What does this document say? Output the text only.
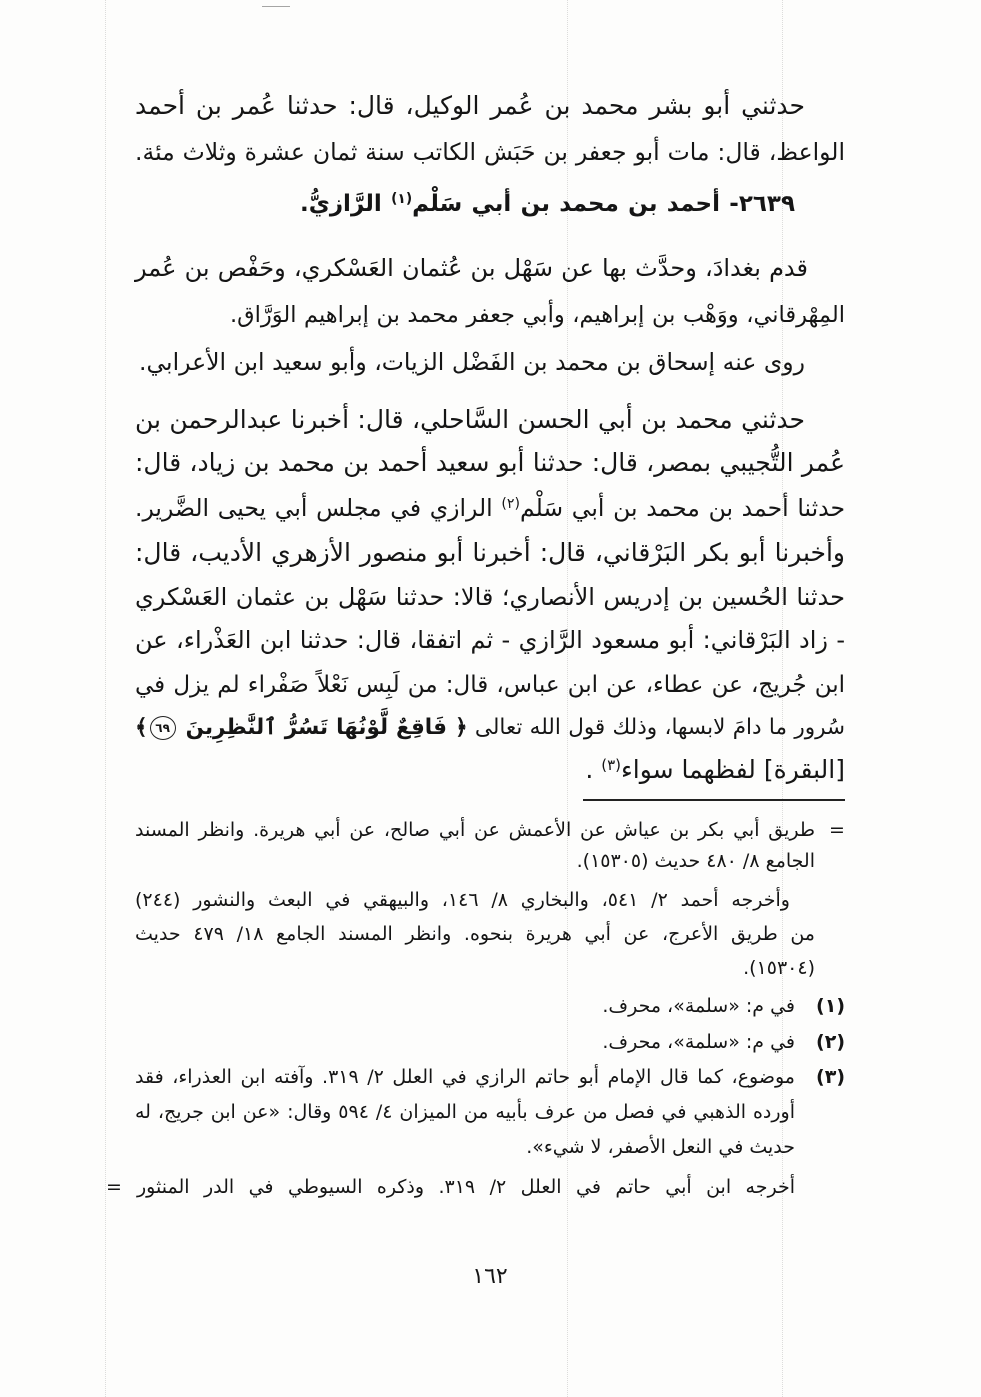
حدثني أبو بشر محمد بن عُمر الوكيل، قال: حدثنا عُمر بن أحمد
الواعظ، قال: مات أبو جعفر بن حَبَش الكاتب سنة ثمان عشرة وثلاث مئة.
٢٦٣٩- أحمد بن محمد بن أبي سَلْم$^{(١)}$ الرَّازيُّ.
قدم بغدادَ، وحدَّث بها عن سَهْل بن عُثمان العَسْكري، وحَفْص بن عُمر
المِهْرقاني، ووَهْب بن إبراهيم، وأبي جعفر محمد بن إبراهيم الوَرَّاق.
روى عنه إسحاق بن محمد بن الفَضْل الزيات، وأبو سعيد ابن الأعرابي.
حدثني محمد بن أبي الحسن السَّاحلي، قال: أخبرنا عبدالرحمن بن
عُمر التُّجيبي بمصر، قال: حدثنا أبو سعيد أحمد بن محمد بن زياد، قال:
حدثنا أحمد بن محمد بن أبي سَلْم$^{(٢)}$ الرازي في مجلس أبي يحيى الضَّرير.
وأخبرنا أبو بكر البَرْقاني، قال: أخبرنا أبو منصور الأزهري الأديب، قال:
حدثنا الحُسين بن إدريس الأنصاري؛ قالا: حدثنا سَهْل بن عثمان العَسْكري
- زاد البَرْقاني: أبو مسعود الرَّازي - ثم اتفقا، قال: حدثنا ابن العَذْراء، عن
ابن جُريج، عن عطاء، عن ابن عباس، قال: من لَبِس نَعْلاً صَفْراء لم يزل في
سُرور ما دامَ لابسها، وذلك قول الله تعالى ﴿ فَاقِعٌ لَّوْنُهَا تَسُرُّ ٱلنَّٰظِرِينَ ٦٩﴾
[البقرة] لفظهما سواء$^{(٣)}$ .
=
طريق أبي بكر بن عياش عن الأعمش عن أبي صالح، عن أبي هريرة. وانظر المسند
الجامع ٨/ ٤٨٠ حديث (١٥٣٠٥).
وأخرجه أحمد ٢/ ٥٤١، والبخاري ٨/ ١٤٦، والبيهقي في البعث والنشور (٢٤٤)
من طريق الأعرج، عن أبي هريرة بنحوه. وانظر المسند الجامع ١٨/ ٤٧٩ حديث
(١٥٣٠٤).
(١)
في م: «سلمة»، محرف.
(٢)
في م: «سلمة»، محرف.
(٣)
موضوع، كما قال الإمام أبو حاتم الرازي في العلل ٢/ ٣١٩. وآفته ابن العذراء، فقد
أورده الذهبي في فصل من عرف بأبيه من الميزان ٤/ ٥٩٤ وقال: «عن ابن جريج، له
حديث في النعل الأصفر، لا شيء».
أخرجه ابن أبي حاتم في العلل ٢/ ٣١٩. وذكره السيوطي في الدر المنثور
=
١٦٢
